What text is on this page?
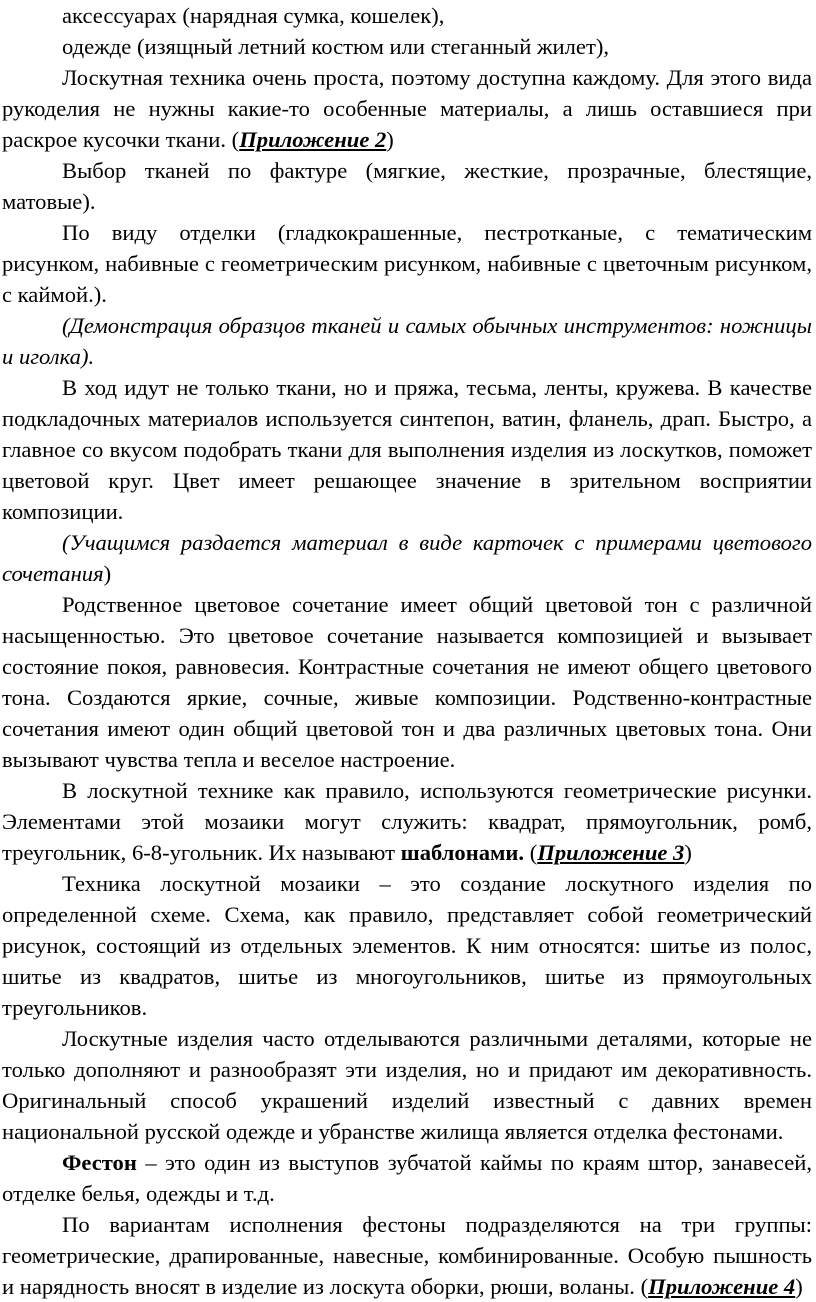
аксессуарах (нарядная сумка, кошелек),

одежде (изящный летний костюм или стеганный жилет),

Лоскутная техника очень проста, поэтому доступна каждому. Для этого вида рукоделия не нужны какие-то особенные материалы, а лишь оставшиеся при раскрое кусочки ткани. (Приложение 2)

Выбор тканей по фактуре (мягкие, жесткие, прозрачные, блестящие, матовые).

По виду отделки (гладкокрашенные, пестротканые, с тематическим рисунком, набивные с геометрическим рисунком, набивные с цветочным рисунком, с каймой.).

(Демонстрация образцов тканей и самых обычных инструментов: ножницы и иголка).

В ход идут не только ткани, но и пряжа, тесьма, ленты, кружева. В качестве подкладочных материалов используется синтепон, ватин, фланель, драп. Быстро, а главное со вкусом подобрать ткани для выполнения изделия из лоскутков, поможет цветовой круг. Цвет имеет решающее значение в зрительном восприятии композиции.

(Учащимся раздается материал в виде карточек с примерами цветового сочетания)

Родственное цветовое сочетание имеет общий цветовой тон с различной насыщенностью. Это цветовое сочетание называется композицией и вызывает состояние покоя, равновесия. Контрастные сочетания не имеют общего цветового тона. Создаются яркие, сочные, живые композиции. Родственно-контрастные сочетания имеют один общий цветовой тон и два различных цветовых тона. Они вызывают чувства тепла и веселое настроение.

В лоскутной технике как правило, используются геометрические рисунки. Элементами этой мозаики могут служить: квадрат, прямоугольник, ромб, треугольник, 6-8-угольник. Их называют шаблонами. (Приложение 3)

Техника лоскутной мозаики – это создание лоскутного изделия по определенной схеме. Схема, как правило, представляет собой геометрический рисунок, состоящий из отдельных элементов. К ним относятся: шитье из полос, шитье из квадратов, шитье из многоугольников, шитье из прямоугольных треугольников.

Лоскутные изделия часто отделываются различными деталями, которые не только дополняют и разнообразят эти изделия, но и придают им декоративность. Оригинальный способ украшений изделий известный с давних времен национальной русской одежде и убранстве жилища является отделка фестонами.

Фестон – это один из выступов зубчатой каймы по краям штор, занавесей, отделке белья, одежды и т.д.

По вариантам исполнения фестоны подразделяются на три группы: геометрические, драпированные, навесные, комбинированные. Особую пышность и нарядность вносят в изделие из лоскута оборки, рюши, воланы. (Приложение 4)
